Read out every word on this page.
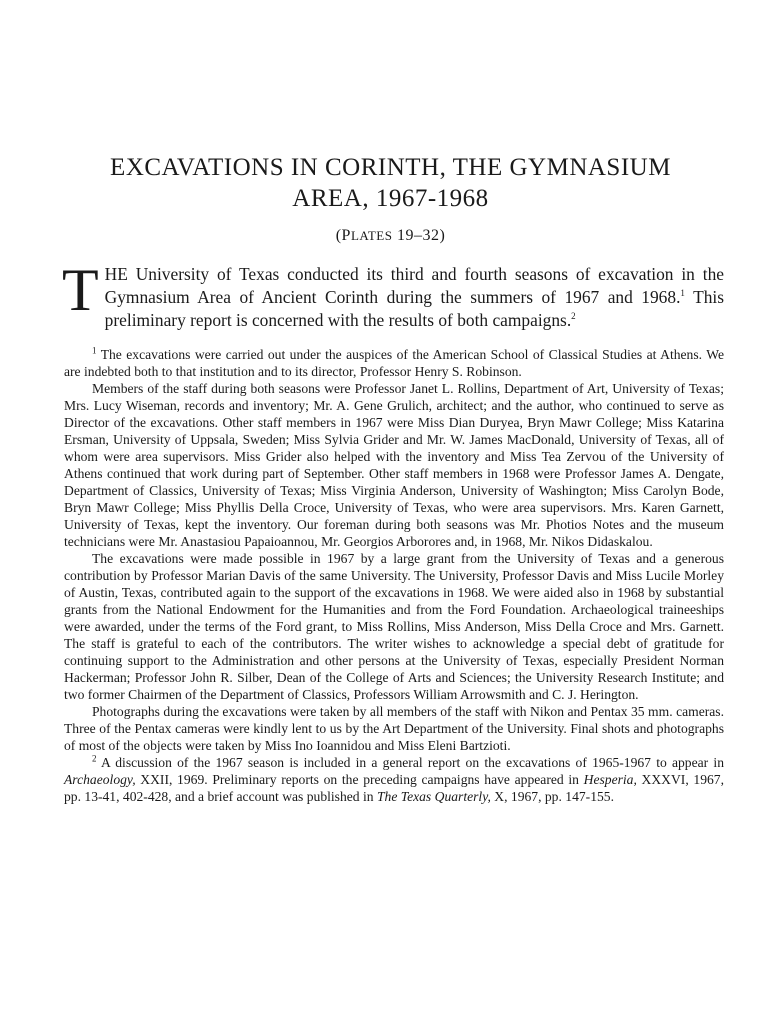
EXCAVATIONS IN CORINTH, THE GYMNASIUM
AREA, 1967-1968
(PLATES 19–32)
THE University of Texas conducted its third and fourth seasons of excavation in the Gymnasium Area of Ancient Corinth during the summers of 1967 and 1968.$^1$ This preliminary report is concerned with the results of both campaigns.$^2$

$^1$ The excavations were carried out under the auspices of the American School of Classical Studies at Athens. We are indebted both to that institution and to its director, Professor Henry S. Robinson.

Members of the staff during both seasons were Professor Janet L. Rollins, Department of Art, University of Texas; Mrs. Lucy Wiseman, records and inventory; Mr. A. Gene Grulich, architect; and the author, who continued to serve as Director of the excavations. Other staff members in 1967 were Miss Dian Duryea, Bryn Mawr College; Miss Katarina Ersman, University of Uppsala, Sweden; Miss Sylvia Grider and Mr. W. James MacDonald, University of Texas, all of whom were area supervisors. Miss Grider also helped with the inventory and Miss Tea Zervou of the University of Athens continued that work during part of September. Other staff members in 1968 were Professor James A. Dengate, Department of Classics, University of Texas; Miss Virginia Anderson, University of Washington; Miss Carolyn Bode, Bryn Mawr College; Miss Phyllis Della Croce, University of Texas, who were area supervisors. Mrs. Karen Garnett, University of Texas, kept the inventory. Our foreman during both seasons was Mr. Photios Notes and the museum technicians were Mr. Anastasiou Papaioannou, Mr. Georgios Arborores and, in 1968, Mr. Nikos Didaskalou.

The excavations were made possible in 1967 by a large grant from the University of Texas and a generous contribution by Professor Marian Davis of the same University. The University, Professor Davis and Miss Lucile Morley of Austin, Texas, contributed again to the support of the excavations in 1968. We were aided also in 1968 by substantial grants from the National Endowment for the Humanities and from the Ford Foundation. Archaeological traineeships were awarded, under the terms of the Ford grant, to Miss Rollins, Miss Anderson, Miss Della Croce and Mrs. Garnett. The staff is grateful to each of the contributors. The writer wishes to acknowledge a special debt of gratitude for continuing support to the Administration and other persons at the University of Texas, especially President Norman Hackerman; Professor John R. Silber, Dean of the College of Arts and Sciences; the University Research Institute; and two former Chairmen of the Department of Classics, Professors William Arrowsmith and C. J. Herington.

Photographs during the excavations were taken by all members of the staff with Nikon and Pentax 35 mm. cameras. Three of the Pentax cameras were kindly lent to us by the Art Department of the University. Final shots and photographs of most of the objects were taken by Miss Ino Ioannidou and Miss Eleni Bartzioti.

$^2$ A discussion of the 1967 season is included in a general report on the excavations of 1965-1967 to appear in Archaeology, XXII, 1969. Preliminary reports on the preceding campaigns have appeared in Hesperia, XXXVI, 1967, pp. 13-41, 402-428, and a brief account was published in The Texas Quarterly, X, 1967, pp. 147-155.
